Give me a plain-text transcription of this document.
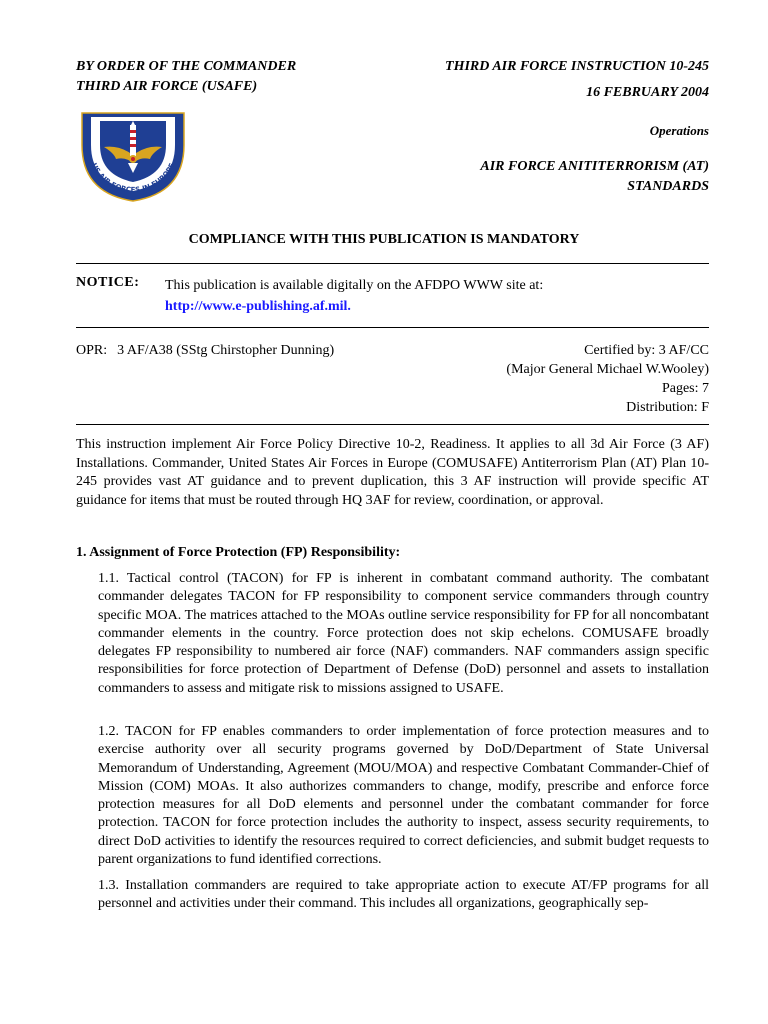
BY ORDER OF THE COMMANDER
THIRD AIR FORCE (USAFE)
THIRD AIR FORCE INSTRUCTION 10-245
16 FEBRUARY 2004
Operations
AIR FORCE ANITITERRORISM (AT)
STANDARDS
US AIR FORCES IN EUROPE
COMPLIANCE WITH THIS PUBLICATION IS MANDATORY
NOTICE: This publication is available digitally on the AFDPO WWW site at:
http://www.e-publishing.af.mil.
OPR: 3 AF/A38 (SStg Chirstopher Dunning)	Certified by: 3 AF/CC
(Major General Michael W.Wooley)
Pages: 7
Distribution: F
This instruction implement Air Force Policy Directive 10-2, Readiness. It applies to all 3d Air Force (3 AF) Installations. Commander, United States Air Forces in Europe (COMUSAFE) Antiterrorism Plan (AT) Plan 10-245 provides vast AT guidance and to prevent duplication, this 3 AF instruction will provide specific AT guidance for items that must be routed through HQ 3AF for review, coordination, or approval.
1. Assignment of Force Protection (FP) Responsibility:
1.1. Tactical control (TACON) for FP is inherent in combatant command authority. The combatant commander delegates TACON for FP responsibility to component service commanders through country specific MOA. The matrices attached to the MOAs outline service responsibility for FP for all noncombatant commander elements in the country. Force protection does not skip echelons. COMUSAFE broadly delegates FP responsibility to numbered air force (NAF) commanders. NAF commanders assign specific responsibilities for force protection of Department of Defense (DoD) personnel and assets to installation commanders to assess and mitigate risk to missions assigned to USAFE.
1.2. TACON for FP enables commanders to order implementation of force protection measures and to exercise authority over all security programs governed by DoD/Department of State Universal Memorandum of Understanding, Agreement (MOU/MOA) and respective Combatant Commander-Chief of Mission (COM) MOAs. It also authorizes commanders to change, modify, prescribe and enforce force protection measures for all DoD elements and personnel under the combatant commander for force protection. TACON for force protection includes the authority to inspect, assess security requirements, to direct DoD activities to identify the resources required to correct deficiencies, and submit budget requests to parent organizations to fund identified corrections.
1.3. Installation commanders are required to take appropriate action to execute AT/FP programs for all personnel and activities under their command. This includes all organizations, geographically sep-
